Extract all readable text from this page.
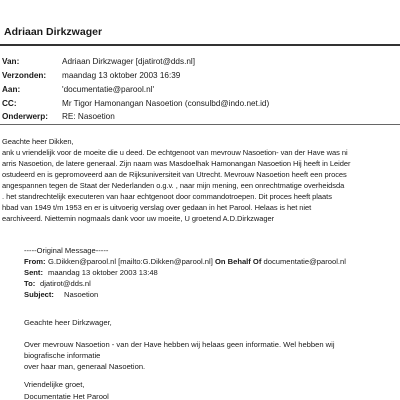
Adriaan Dirkzwager
Van:	Adriaan Dirkzwager [djatirot@dds.nl]
Verzonden: maandag 13 oktober 2003 16:39
Aan:	'documentatie@parool.nl'
CC:	Mr Tigor Hamonangan Nasoetion (consulbd@indo.net.id)
Onderwerp: RE: Nasoetion
Geachte heer Dikken,
ank u vriendelijk voor de moeite die u deed. De echtgenoot van mevrouw Nasoetion- van der Have was ni
arris Nasoetion, de latere generaal. Zijn naam was Masdoelhak Hamonangan Nasoetion Hij heeft in Leider
ostudeerd en is gepromoveerd aan de Rijksuniversiteit van Utrecht. Mevrouw Nasoetion heeft een proces
angespannen tegen de Staat der Nederlanden o.g.v. , naar mijn mening, een onrechtmatige overheidsda
. het standrechtelijk executeren van haar echtgenoot door commandotroepen. Dit proces heeft plaats
hbad van 1949 t/m 1953 en er is uitvoerig verslag over gedaan in het Parool. Helaas is het niet
earchiveerd. Niettemin nogmaals dank voor uw moeite, U groetend A.D.Dirkzwager
-----Original Message-----
From: G.Dikken@parool.nl [mailto:G.Dikken@parool.nl] On Behalf Of documentatie@parool.nl
Sent: maandag 13 oktober 2003 13:48
To: djatirot@dds.nl
Subject: Nasoetion
Geachte heer Dirkzwager,
Over mevrouw Nasoetion - van der Have hebben wij helaas geen informatie. Wel hebben wij
biografische informatie
over haar man, generaal Nasoetion.
Vriendelijke groet,
Documentatie Het Parool
